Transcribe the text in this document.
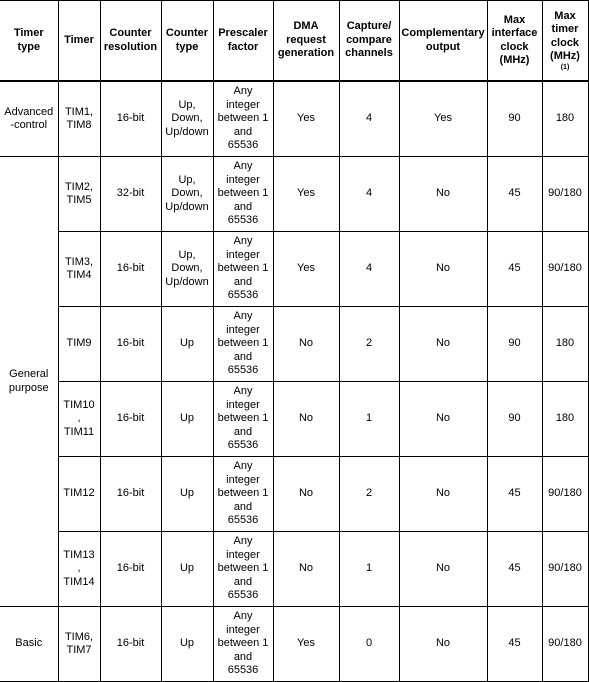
Timer
type	Timer	Counter
resolution	Counter
type	Prescaler
factor	DMA
request
generation	Capture/
compare
channels	Complementary
output	Max
interface
clock
(MHz)	Max
timer
clock
(MHz)
(1)

Advanced
-control	TIM1,
TIM8	16-bit	Up,
Down,
Up/down	Any
integer
between 1
and
65536	Yes	4	Yes	90	180
General
purpose	TIM2,
TIM5	32-bit	Up,
Down,
Up/down	Any
integer
between 1
and
65536	Yes	4	No	45	90/180
	TIM3,
TIM4	16-bit	Up,
Down,
Up/down	Any
integer
between 1
and
65536	Yes	4	No	45	90/180
	TIM9	16-bit	Up	Any
integer
between 1
and
65536	No	2	No	90	180
	TIM10
,
TIM11	16-bit	Up	Any
integer
between 1
and
65536	No	1	No	90	180
	TIM12	16-bit	Up	Any
integer
between 1
and
65536	No	2	No	45	90/180
	TIM13
,
TIM14	16-bit	Up	Any
integer
between 1
and
65536	No	1	No	45	90/180
Basic	TIM6,
TIM7	16-bit	Up	Any
integer
between 1
and
65536	Yes	0	No	45	90/180
